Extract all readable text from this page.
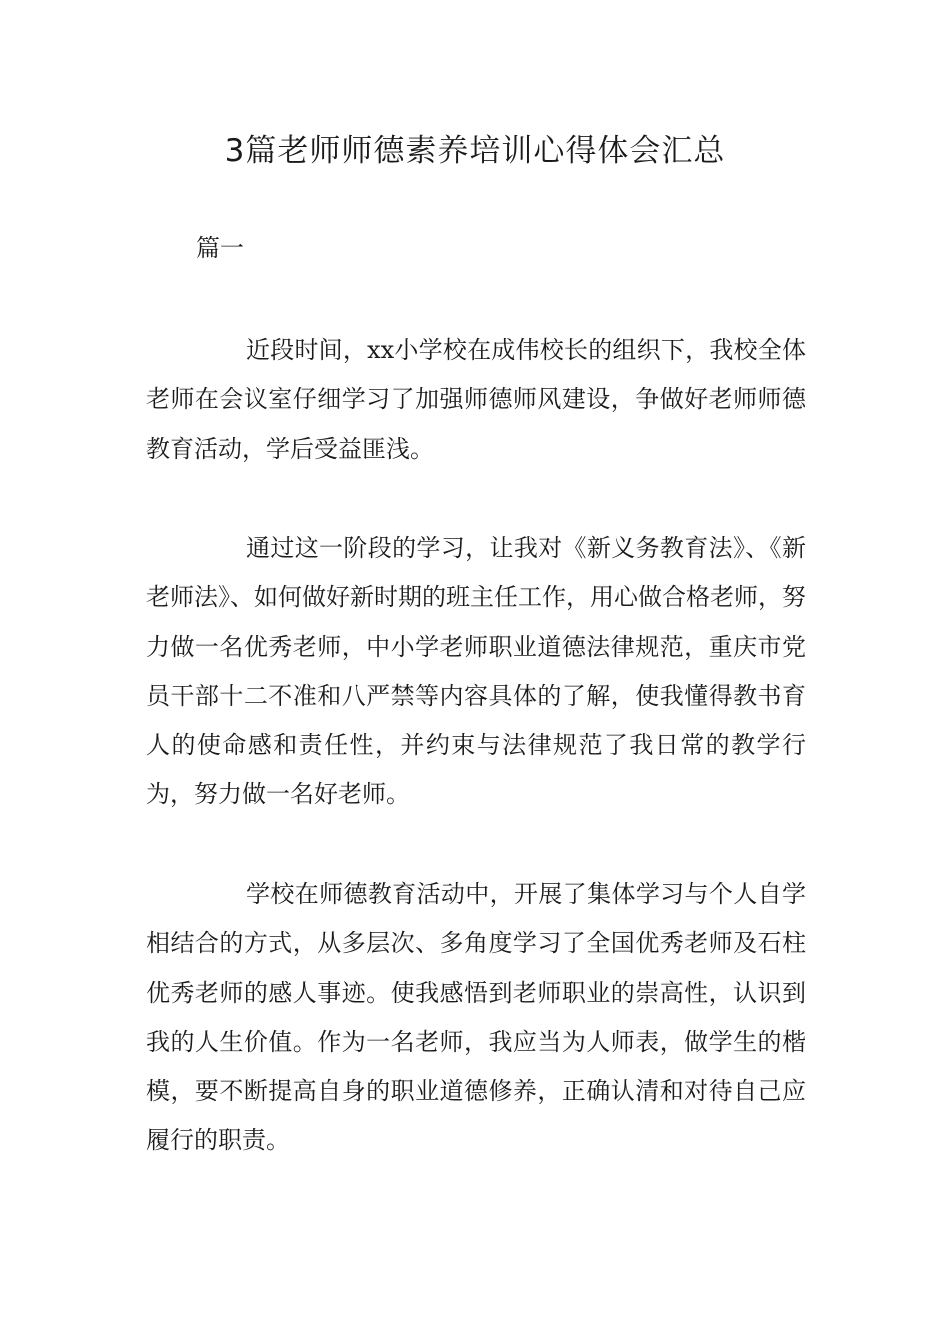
3篇老师师德素养培训心得体会汇总

篇一

近段时间，xx小学校在成伟校长的组织下，我校全体老师在会议室仔细学习了加强师德师风建设，争做好老师师德教育活动，学后受益匪浅。

通过这一阶段的学习，让我对《新义务教育法》、《新老师法》、如何做好新时期的班主任工作，用心做合格老师，努力做一名优秀老师，中小学老师职业道德法律规范，重庆市党员干部十二不准和八严禁等内容具体的了解，使我懂得教书育人的使命感和责任性，并约束与法律规范了我日常的教学行为，努力做一名好老师。

学校在师德教育活动中，开展了集体学习与个人自学相结合的方式，从多层次、多角度学习了全国优秀老师及石柱优秀老师的感人事迹。使我感悟到老师职业的崇高性，认识到我的人生价值。作为一名老师，我应当为人师表，做学生的楷模，要不断提高自身的职业道德修养，正确认清和对待自己应履行的职责。
